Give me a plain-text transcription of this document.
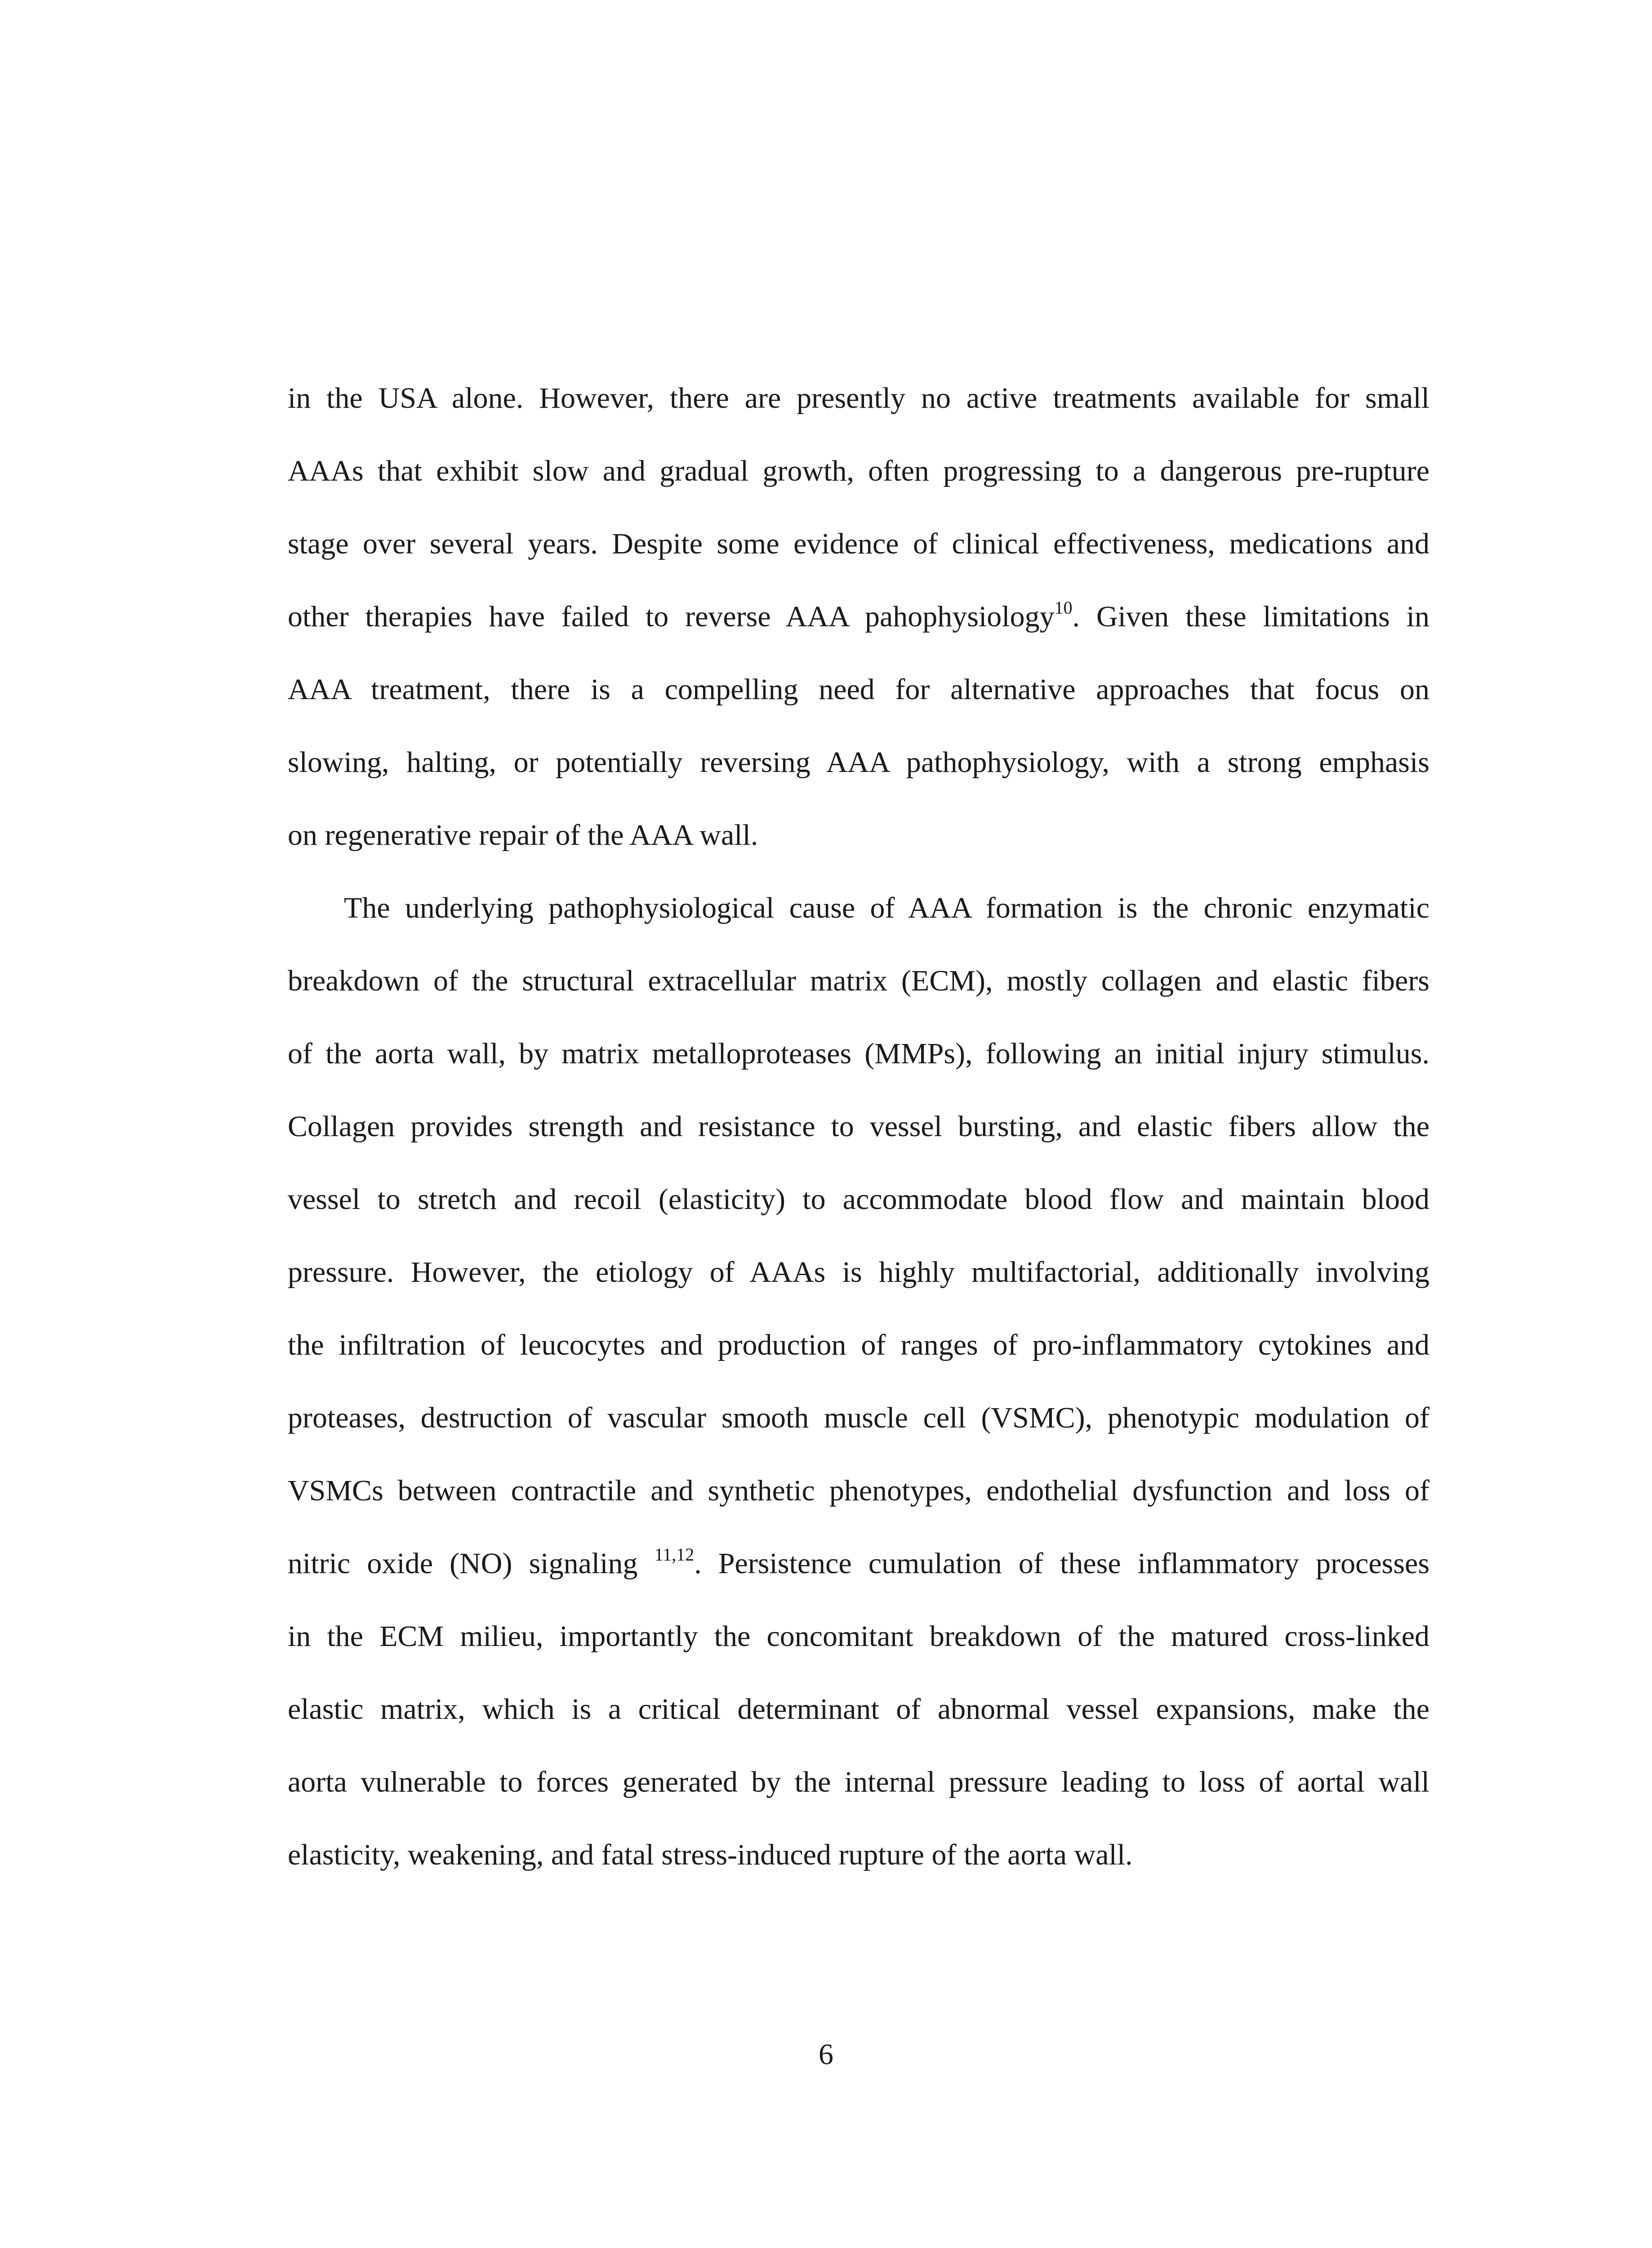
in the USA alone. However, there are presently no active treatments available for small
AAAs that exhibit slow and gradual growth, often progressing to a dangerous pre-rupture
stage over several years. Despite some evidence of clinical effectiveness, medications and
other therapies have failed to reverse AAA pahophysiology$^{10}$. Given these limitations in
AAA treatment, there is a compelling need for alternative approaches that focus on
slowing, halting, or potentially reversing AAA pathophysiology, with a strong emphasis
on regenerative repair of the AAA wall.
The underlying pathophysiological cause of AAA formation is the chronic enzymatic
breakdown of the structural extracellular matrix (ECM), mostly collagen and elastic fibers
of the aorta wall, by matrix metalloproteases (MMPs), following an initial injury stimulus.
Collagen provides strength and resistance to vessel bursting, and elastic fibers allow the
vessel to stretch and recoil (elasticity) to accommodate blood flow and maintain blood
pressure. However, the etiology of AAAs is highly multifactorial, additionally involving
the infiltration of leucocytes and production of ranges of pro-inflammatory cytokines and
proteases, destruction of vascular smooth muscle cell (VSMC), phenotypic modulation of
VSMCs between contractile and synthetic phenotypes, endothelial dysfunction and loss of
nitric oxide (NO) signaling $^{11,12}$. Persistence cumulation of these inflammatory processes
in the ECM milieu, importantly the concomitant breakdown of the matured cross-linked
elastic matrix, which is a critical determinant of abnormal vessel expansions, make the
aorta vulnerable to forces generated by the internal pressure leading to loss of aortal wall
elasticity, weakening, and fatal stress-induced rupture of the aorta wall.
6
